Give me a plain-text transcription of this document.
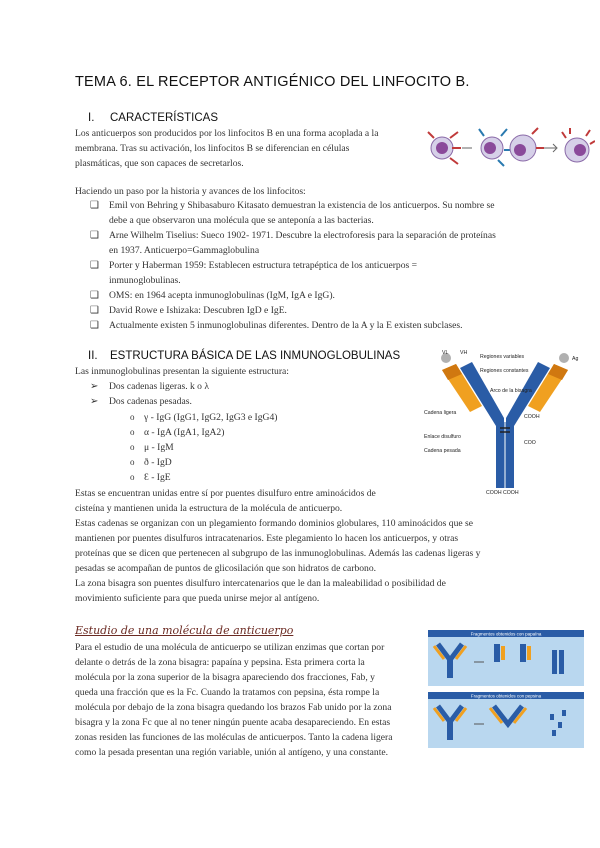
TEMA 6. EL RECEPTOR ANTIGÉNICO DEL LINFOCITO B.
I. CARACTERÍSTICAS
Los anticuerpos son producidos por los linfocitos B en una forma acoplada a la
membrana. Tras su activación, los linfocitos B se diferencian en células
plasmáticas, que son capaces de secretarlos.
Haciendo un paso por la historia y avances de los linfocitos:
❑ Emil von Behring y Shibasaburo Kitasato demuestran la existencia de los anticuerpos. Su nombre se
debe a que observaron una molécula que se anteponía a las bacterias.
❑ Arne Wilhelm Tiselius: Sueco 1902- 1971. Descubre la electroforesis para la separación de proteínas
en 1937. Anticuerpo=Gammaglobulina
❑ Porter y Haberman 1959: Establecen estructura tetrapéptica de los anticuerpos =
inmunoglobulinas.
❑ OMS: en 1964 acepta inmunoglobulinas (IgM, IgA e IgG).
❑ David Rowe e Ishizaka: Descubren IgD e IgE.
❑ Actualmente existen 5 inmunoglobulinas diferentes. Dentro de la A y la E existen subclases.
II. ESTRUCTURA BÁSICA DE LAS INMUNOGLOBULINAS
Las inmunoglobulinas presentan la siguiente estructura:
➢ Dos cadenas ligeras. k o λ
➢ Dos cadenas pesadas.
o γ - IgG (IgG1, IgG2, IgG3 e IgG4)
o α - IgA (IgA1, IgA2)
o μ - IgM
o ð - IgD
o Ɛ - IgE
VL VH
Regiones variables
Regiones constantes
Ag
Arco de la bisagra
Cadena ligera
Enlace disulfuro
Cadena pesada
COO
COOH
COOH COOH
Estas se encuentran unidas entre sí por puentes disulfuro entre aminoácidos de
cisteína y mantienen unida la estructura de la molécula de anticuerpo.
Estas cadenas se organizan con un plegamiento formando dominios globulares, 110 aminoácidos que se
mantienen por puentes disulfuros intracatenarios. Este plegamiento lo hacen los anticuerpos, y otras
proteínas que se dicen que pertenecen al subgrupo de las inmunoglobulinas. Además las cadenas ligeras y
pesadas se acompañan de puntos de glicosilación que son hidratos de carbono.
La zona bisagra son puentes disulfuro intercatenarios que le dan la maleabilidad o posibilidad de
movimiento suficiente para que pueda unirse mejor al antígeno.
Estudio de una molécula de anticuerpo
Para el estudio de una molécula de anticuerpo se utilizan enzimas que cortan por
delante o detrás de la zona bisagra: papaína y pepsina. Esta primera corta la
molécula por la zona superior de la bisagra apareciendo dos fracciones, Fab, y
queda una fracción que es la Fc. Cuando la tratamos con pepsina, ésta rompe la
molécula por debajo de la zona bisagra quedando los brazos Fab unido por la zona
bisagra y la zona Fc que al no tener ningún puente acaba desapareciendo. En estas
zonas residen las funciones de las moléculas de anticuerpos. Tanto la cadena ligera
como la pesada presentan una región variable, unión al antígeno, y una constante.
Fragmentos obtenidos con papaína
Fragmentos obtenidos con pepsina
